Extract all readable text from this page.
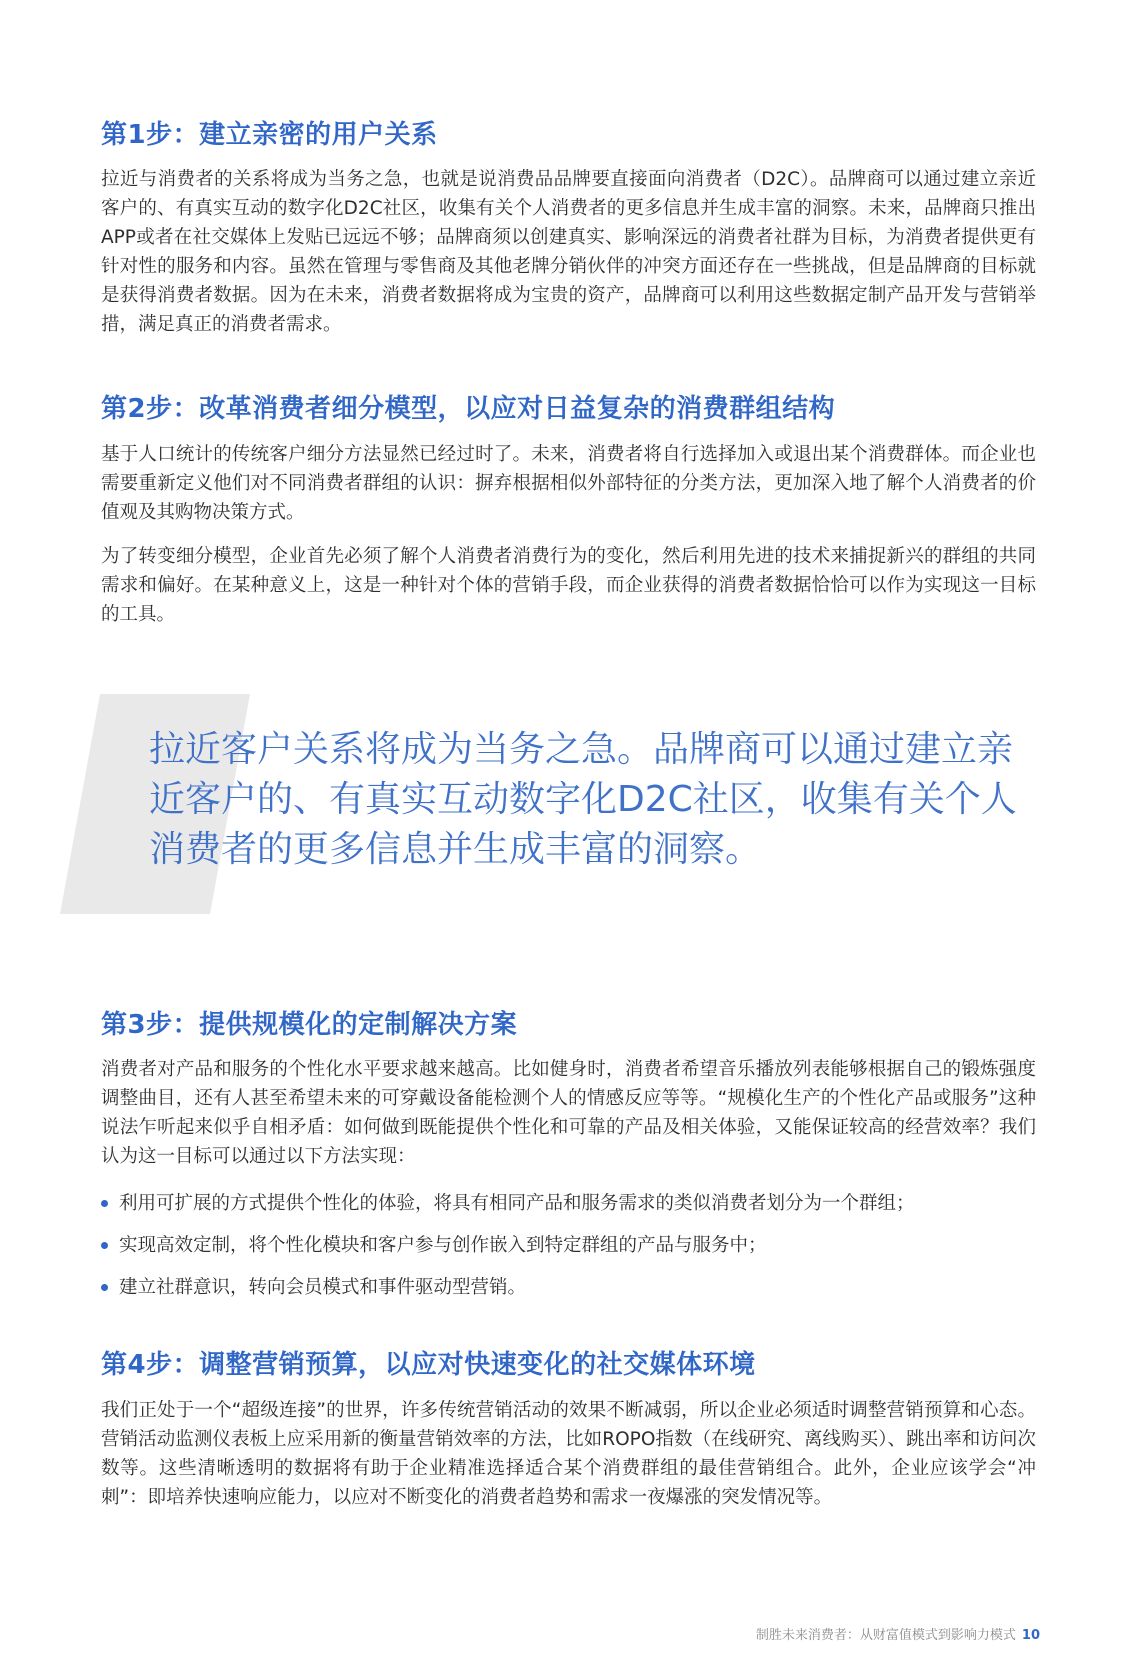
第1步：建立亲密的用户关系

拉近与消费者的关系将成为当务之急，也就是说消费品品牌要直接面向消费者（D2C）。品牌商可以通过建立亲近客户的、有真实互动的数字化D2C社区，收集有关个人消费者的更多信息并生成丰富的洞察。未来，品牌商只推出APP或者在社交媒体上发贴已远远不够；品牌商须以创建真实、影响深远的消费者社群为目标，为消费者提供更有针对性的服务和内容。虽然在管理与零售商及其他老牌分销伙伴的冲突方面还存在一些挑战，但是品牌商的目标就是获得消费者数据。因为在未来，消费者数据将成为宝贵的资产，品牌商可以利用这些数据定制产品开发与营销举措，满足真正的消费者需求。

第2步：改革消费者细分模型，以应对日益复杂的消费群组结构

基于人口统计的传统客户细分方法显然已经过时了。未来，消费者将自行选择加入或退出某个消费群体。而企业也需要重新定义他们对不同消费者群组的认识：摒弃根据相似外部特征的分类方法，更加深入地了解个人消费者的价值观及其购物决策方式。

为了转变细分模型，企业首先必须了解个人消费者消费行为的变化，然后利用先进的技术来捕捉新兴的群组的共同需求和偏好。在某种意义上，这是一种针对个体的营销手段，而企业获得的消费者数据恰恰可以作为实现这一目标的工具。

拉近客户关系将成为当务之急。品牌商可以通过建立亲近客户的、有真实互动数字化D2C社区，收集有关个人消费者的更多信息并生成丰富的洞察。
第3步：提供规模化的定制解决方案

消费者对产品和服务的个性化水平要求越来越高。比如健身时，消费者希望音乐播放列表能够根据自己的锻炼强度调整曲目，还有人甚至希望未来的可穿戴设备能检测个人的情感反应等等。“规模化生产的个性化产品或服务”这种说法乍听起来似乎自相矛盾：如何做到既能提供个性化和可靠的产品及相关体验，又能保证较高的经营效率？我们认为这一目标可以通过以下方法实现：

利用可扩展的方式提供个性化的体验，将具有相同产品和服务需求的类似消费者划分为一个群组；
实现高效定制，将个性化模块和客户参与创作嵌入到特定群组的产品与服务中；
建立社群意识，转向会员模式和事件驱动型营销。
第4步：调整营销预算，以应对快速变化的社交媒体环境

我们正处于一个“超级连接”的世界，许多传统营销活动的效果不断减弱，所以企业必须适时调整营销预算和心态。营销活动监测仪表板上应采用新的衡量营销效率的方法，比如ROPO指数（在线研究、离线购买）、跳出率和访问次数等。这些清晰透明的数据将有助于企业精准选择适合某个消费群组的最佳营销组合。此外，企业应该学会“冲刺”：即培养快速响应能力，以应对不断变化的消费者趋势和需求一夜爆涨的突发情况等。

制胜未来消费者：从财富值模式到影响力模式 10
